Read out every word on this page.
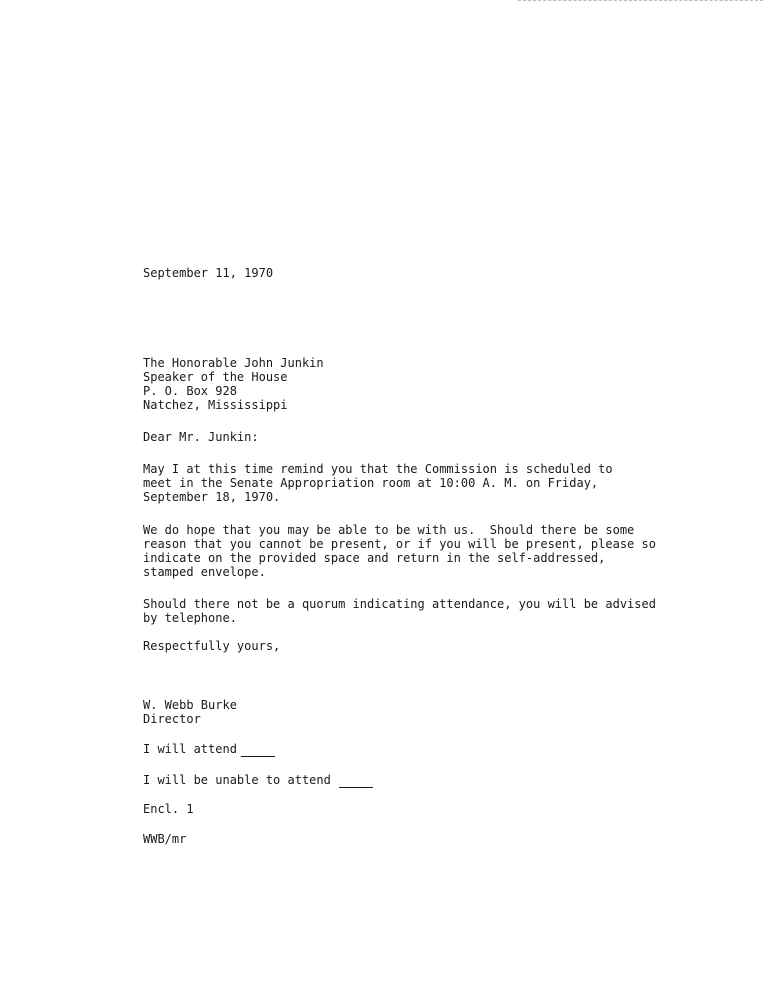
September 11, 1970

The Honorable John Junkin
Speaker of the House
P. O. Box 928
Natchez, Mississippi

Dear Mr. Junkin:

May I at this time remind you that the Commission is scheduled to
meet in the Senate Appropriation room at 10:00 A. M. on Friday,
September 18, 1970.
We do hope that you may be able to be with us.  Should there be some
reason that you cannot be present, or if you will be present, please so
indicate on the provided space and return in the self-addressed,
stamped envelope.
Should there not be a quorum indicating attendance, you will be advised
by telephone.

Respectfully yours,

W. Webb Burke
Director

I will attend

I will be unable to attend

Encl. 1

WWB/mr
